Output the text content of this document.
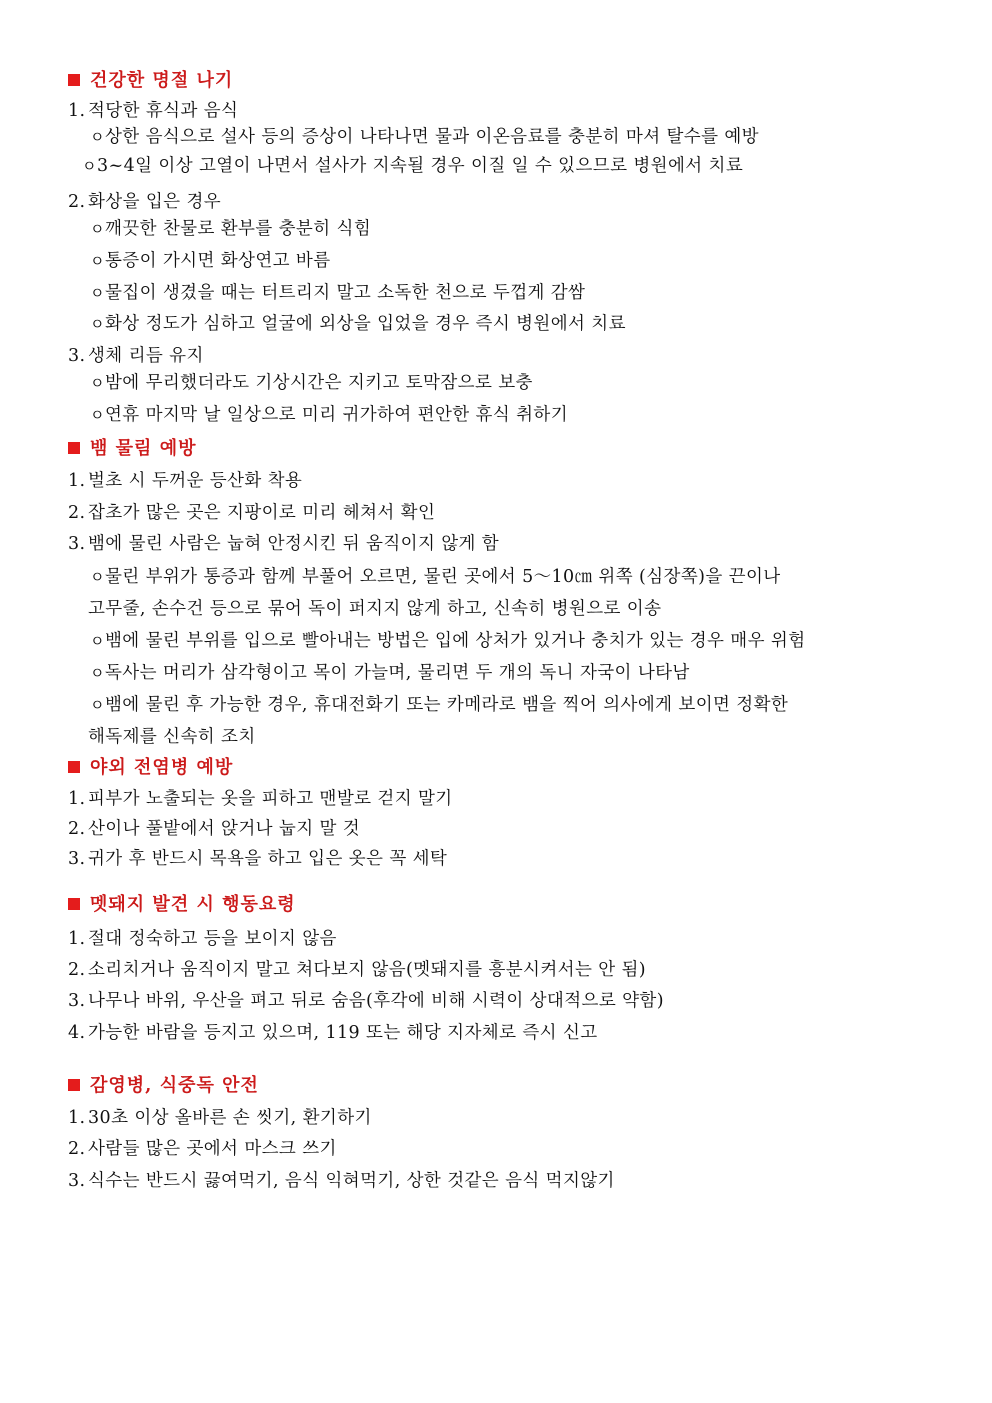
건강한 명절 나기
1. 적당한 휴식과 음식
ㅇ상한 음식으로 설사 등의 증상이 나타나면 물과 이온음료를 충분히 마셔 탈수를 예방
ㅇ3~4일 이상 고열이 나면서 설사가 지속될 경우 이질 일 수 있으므로 병원에서 치료
2. 화상을 입은 경우
ㅇ깨끗한 찬물로 환부를 충분히 식힘
ㅇ통증이 가시면 화상연고 바름
ㅇ물집이 생겼을 때는 터트리지 말고 소독한 천으로 두껍게 감쌈
ㅇ화상 정도가 심하고 얼굴에 외상을 입었을 경우 즉시 병원에서 치료
3. 생체 리듬 유지
ㅇ밤에 무리했더라도 기상시간은 지키고 토막잠으로 보충
ㅇ연휴 마지막 날 일상으로 미리 귀가하여 편안한 휴식 취하기
뱀 물림 예방
1. 벌초 시 두꺼운 등산화 착용
2. 잡초가 많은 곳은 지팡이로 미리 헤쳐서 확인
3. 뱀에 물린 사람은 눕혀 안정시킨 뒤 움직이지 않게 함
ㅇ물린 부위가 통증과 함께 부풀어 오르면, 물린 곳에서 5～10㎝ 위쪽 (심장쪽)을 끈이나
고무줄, 손수건 등으로 묶어 독이 퍼지지 않게 하고, 신속히 병원으로 이송
ㅇ뱀에 물린 부위를 입으로 빨아내는 방법은 입에 상처가 있거나 충치가 있는 경우 매우 위험
ㅇ독사는 머리가 삼각형이고 목이 가늘며, 물리면 두 개의 독니 자국이 나타남
ㅇ뱀에 물린 후 가능한 경우, 휴대전화기 또는 카메라로 뱀을 찍어 의사에게 보이면 정확한
해독제를 신속히 조치
야외 전염병 예방
1. 피부가 노출되는 옷을 피하고 맨발로 걷지 말기
2. 산이나 풀밭에서 앉거나 눕지 말 것
3. 귀가 후 반드시 목욕을 하고 입은 옷은 꼭 세탁
멧돼지 발견 시 행동요령
1. 절대 정숙하고 등을 보이지 않음
2. 소리치거나 움직이지 말고 쳐다보지 않음(멧돼지를 흥분시켜서는 안 됨)
3. 나무나 바위, 우산을 펴고 뒤로 숨음(후각에 비해 시력이 상대적으로 약함)
4. 가능한 바람을 등지고 있으며, 119 또는 해당 지자체로 즉시 신고
감영병, 식중독 안전
1. 30초 이상 올바른 손 씻기, 환기하기
2. 사람들 많은 곳에서 마스크 쓰기
3. 식수는 반드시 끓여먹기, 음식 익혀먹기, 상한 것같은 음식 먹지않기
